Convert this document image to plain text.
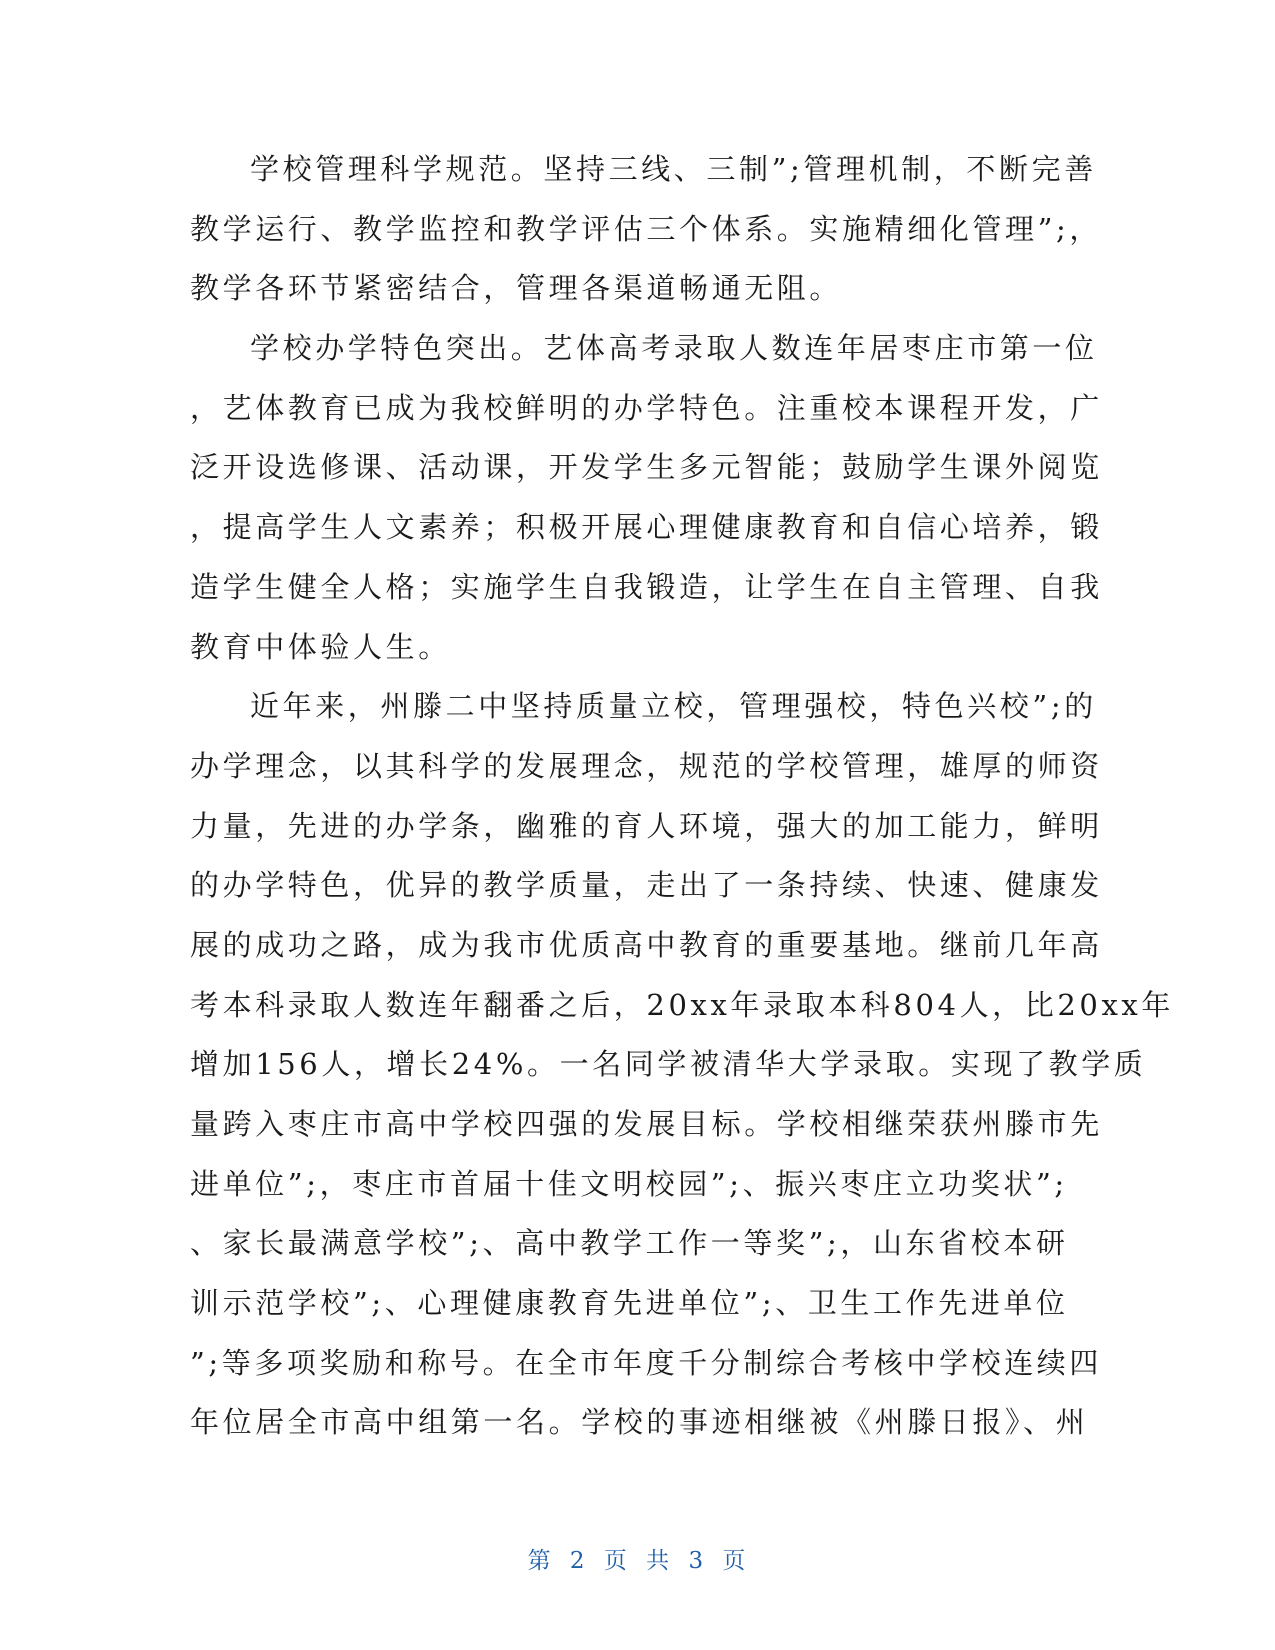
学校管理科学规范。坚持三线、三制”;管理机制，不断完善
教学运行、教学监控和教学评估三个体系。实施精细化管理”;，
教学各环节紧密结合，管理各渠道畅通无阻。
学校办学特色突出。艺体高考录取人数连年居枣庄市第一位
，艺体教育已成为我校鲜明的办学特色。注重校本课程开发，广
泛开设选修课、活动课，开发学生多元智能；鼓励学生课外阅览
，提高学生人文素养；积极开展心理健康教育和自信心培养，锻
造学生健全人格；实施学生自我锻造，让学生在自主管理、自我
教育中体验人生。
近年来，州滕二中坚持质量立校，管理强校，特色兴校”;的
办学理念，以其科学的发展理念，规范的学校管理，雄厚的师资
力量，先进的办学条，幽雅的育人环境，强大的加工能力，鲜明
的办学特色，优异的教学质量，走出了一条持续、快速、健康发
展的成功之路，成为我市优质高中教育的重要基地。继前几年高
考本科录取人数连年翻番之后，20xx年录取本科804人，比20xx年
增加156人，增长24%。一名同学被清华大学录取。实现了教学质
量跨入枣庄市高中学校四强的发展目标。学校相继荣获州滕市先
进单位”;，枣庄市首届十佳文明校园”;、振兴枣庄立功奖状”;
、家长最满意学校”;、高中教学工作一等奖”;，山东省校本研
训示范学校”;、心理健康教育先进单位”;、卫生工作先进单位
”;等多项奖励和称号。在全市年度千分制综合考核中学校连续四
年位居全市高中组第一名。学校的事迹相继被《州滕日报》、州
第 2 页 共 3 页
